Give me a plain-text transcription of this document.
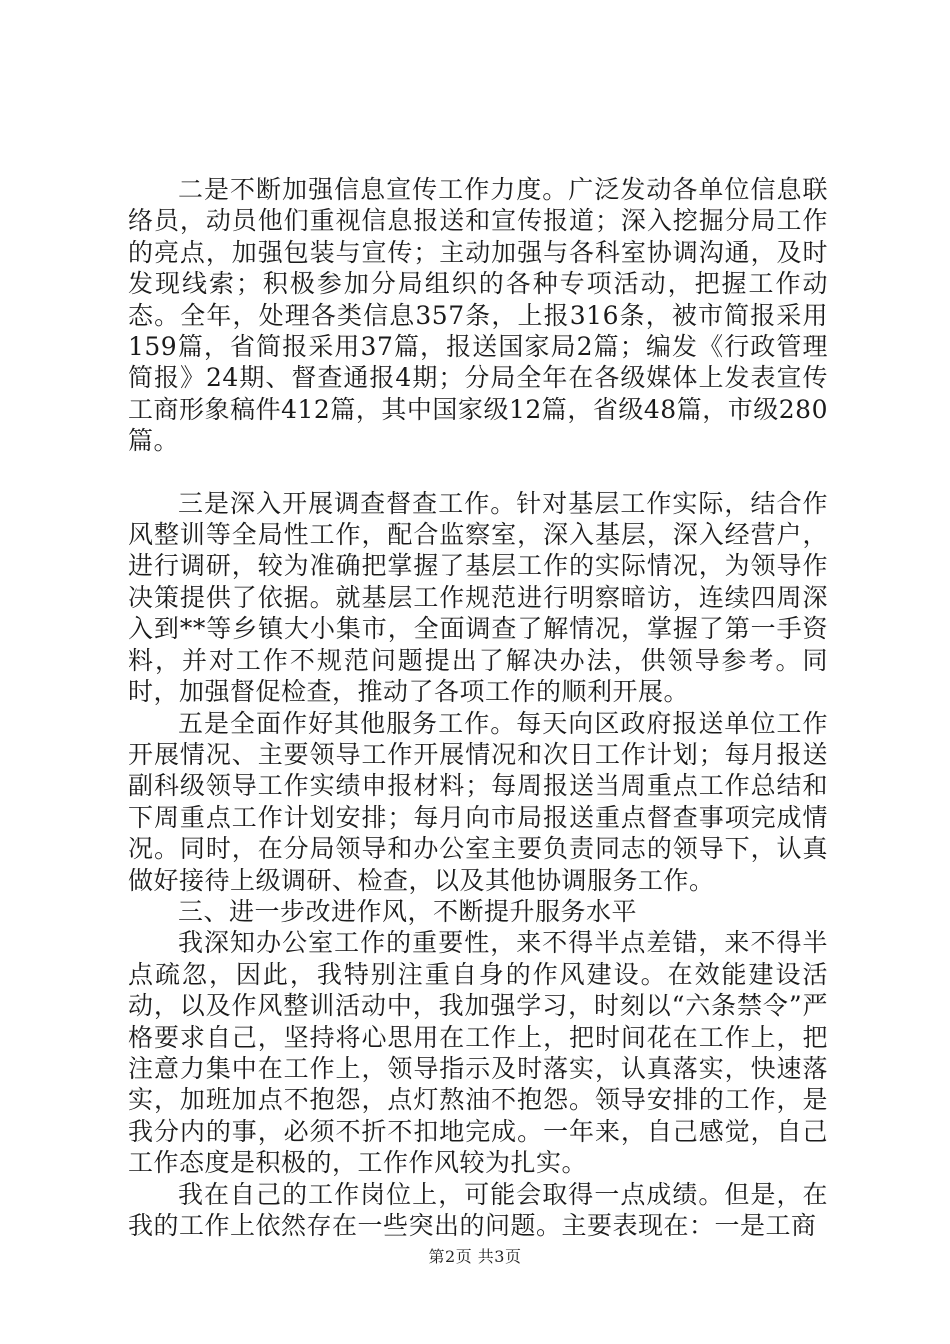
二是不断加强信息宣传工作力度。广泛发动各单位信息联络员，动员他们重视信息报送和宣传报道；深入挖掘分局工作的亮点，加强包装与宣传；主动加强与各科室协调沟通，及时发现线索；积极参加分局组织的各种专项活动，把握工作动态。全年，处理各类信息357条，上报316条，被市简报采用159篇，省简报采用37篇，报送国家局2篇；编发《行政管理简报》24期、督查通报4期；分局全年在各级媒体上发表宣传工商形象稿件412篇，其中国家级12篇，省级48篇，市级280篇。

三是深入开展调查督查工作。针对基层工作实际，结合作风整训等全局性工作，配合监察室，深入基层，深入经营户，进行调研，较为准确把掌握了基层工作的实际情况，为领导作决策提供了依据。就基层工作规范进行明察暗访，连续四周深入到**等乡镇大小集市，全面调查了解情况，掌握了第一手资料，并对工作不规范问题提出了解决办法，供领导参考。同时，加强督促检查，推动了各项工作的顺利开展。

五是全面作好其他服务工作。每天向区政府报送单位工作开展情况、主要领导工作开展情况和次日工作计划；每月报送副科级领导工作实绩申报材料；每周报送当周重点工作总结和下周重点工作计划安排；每月向市局报送重点督查事项完成情况。同时，在分局领导和办公室主要负责同志的领导下，认真做好接待上级调研、检查，以及其他协调服务工作。

三、进一步改进作风，不断提升服务水平

我深知办公室工作的重要性，来不得半点差错，来不得半点疏忽，因此，我特别注重自身的作风建设。在效能建设活动，以及作风整训活动中，我加强学习，时刻以“六条禁令”严格要求自己，坚持将心思用在工作上，把时间花在工作上，把注意力集中在工作上，领导指示及时落实，认真落实，快速落实，加班加点不抱怨，点灯熬油不抱怨。领导安排的工作，是我分内的事，必须不折不扣地完成。一年来，自己感觉，自己工作态度是积极的，工作作风较为扎实。

我在自己的工作岗位上，可能会取得一点成绩。但是，在我的工作上依然存在一些突出的问题。主要表现在：一是工商

第2页 共3页
